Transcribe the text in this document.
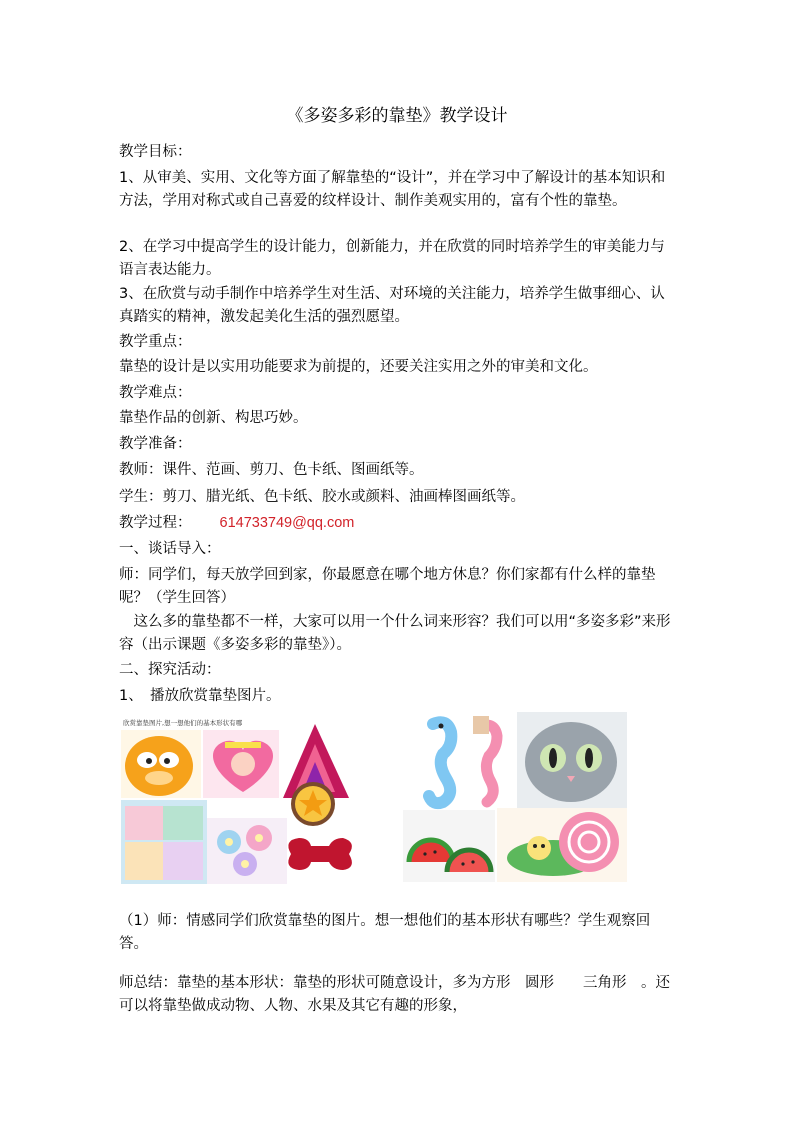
《多姿多彩的靠垫》教学设计

教学目标：

1、从审美、实用、文化等方面了解靠垫的“设计”，并在学习中了解设计的基本知识和方法，学用对称式或自己喜爱的纹样设计、制作美观实用的，富有个性的靠垫。

2、在学习中提高学生的设计能力，创新能力，并在欣赏的同时培养学生的审美能力与语言表达能力。

3、在欣赏与动手制作中培养学生对生活、对环境的关注能力，培养学生做事细心、认真踏实的精神，激发起美化生活的强烈愿望。

教学重点：

靠垫的设计是以实用功能要求为前提的，还要关注实用之外的审美和文化。

教学难点：

靠垫作品的创新、构思巧妙。

教学准备：

教师：课件、范画、剪刀、色卡纸、图画纸等。

学生：剪刀、腊光纸、色卡纸、胶水或颜料、油画棒图画纸等。

教学过程： 614733749@qq.com

一、谈话导入：

师：同学们，每天放学回到家，你最愿意在哪个地方休息？你们家都有什么样的靠垫呢？（学生回答）

　这么多的靠垫都不一样，大家可以用一个什么词来形容？我们可以用“多姿多彩”来形容（出示课题《多姿多彩的靠垫》）。

二、探究活动：

1、　播放欣赏靠垫图片。

欣赏靠垫图片,想一想他们的基本形状有哪

（1）师：情感同学们欣赏靠垫的图片。想一想他们的基本形状有哪些？学生观察回答。

师总结：靠垫的基本形状：靠垫的形状可随意设计，多为方形　圆形　　三角形　。还可以将靠垫做成动物、人物、水果及其它有趣的形象，
